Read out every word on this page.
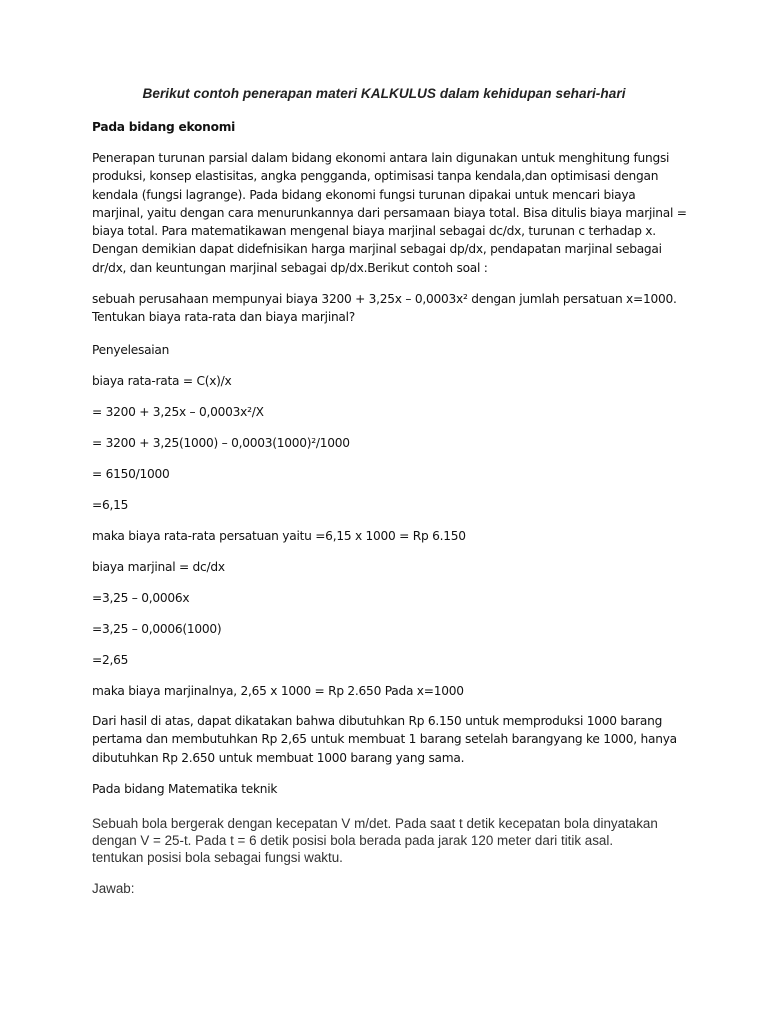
Berikut contoh penerapan materi KALKULUS dalam kehidupan sehari-hari
Pada bidang ekonomi
Penerapan turunan parsial dalam bidang ekonomi antara lain digunakan untuk menghitung fungsi
produksi, konsep elastisitas, angka pengganda, optimisasi tanpa kendala,dan optimisasi dengan
kendala (fungsi lagrange). Pada bidang ekonomi fungsi turunan dipakai untuk mencari biaya
marjinal, yaitu dengan cara menurunkannya dari persamaan biaya total. Bisa ditulis biaya marjinal =
biaya total. Para matematikawan mengenal biaya marjinal sebagai dc/dx, turunan c terhadap x.
Dengan demikian dapat didefnisikan harga marjinal sebagai dp/dx, pendapatan marjinal sebagai
dr/dx, dan keuntungan marjinal sebagai dp/dx.Berikut contoh soal :
sebuah perusahaan mempunyai biaya 3200 + 3,25x – 0,0003x² dengan jumlah persatuan x=1000.
Tentukan biaya rata-rata dan biaya marjinal?
Penyelesaian
biaya rata-rata = C(x)/x
= 3200 + 3,25x – 0,0003x²/X
= 3200 + 3,25(1000) – 0,0003(1000)²/1000
= 6150/1000
=6,15
maka biaya rata-rata persatuan yaitu =6,15 x 1000 = Rp 6.150
biaya marjinal = dc/dx
=3,25 – 0,0006x
=3,25 – 0,0006(1000)
=2,65
maka biaya marjinalnya, 2,65 x 1000 = Rp 2.650 Pada x=1000
Dari hasil di atas, dapat dikatakan bahwa dibutuhkan Rp 6.150 untuk memproduksi 1000 barang
pertama dan membutuhkan Rp 2,65 untuk membuat 1 barang setelah barangyang ke 1000, hanya
dibutuhkan Rp 2.650 untuk membuat 1000 barang yang sama.
Pada bidang Matematika teknik
Sebuah bola bergerak dengan kecepatan V m/det. Pada saat t detik kecepatan bola dinyatakan
dengan V = 25-t. Pada t = 6 detik posisi bola berada pada jarak 120 meter dari titik asal.
tentukan posisi bola sebagai fungsi waktu.
Jawab:
